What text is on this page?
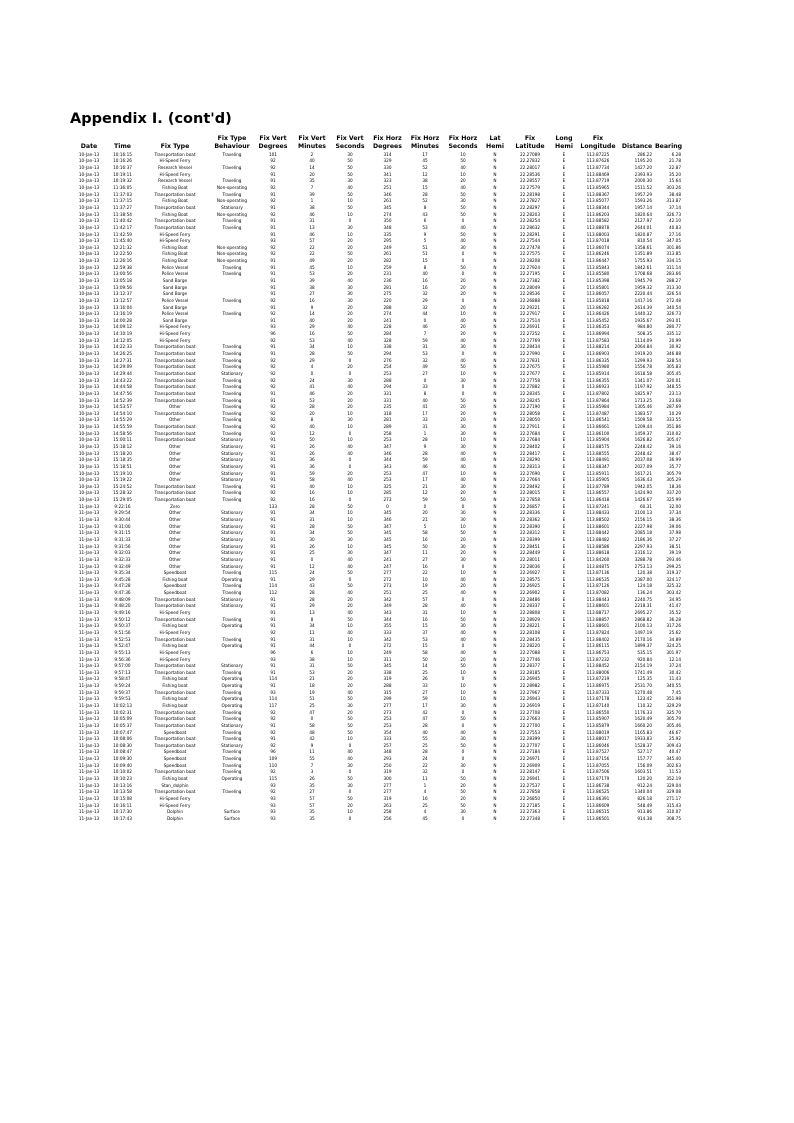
Appendix I. (cont'd)
			Fix Type	Fix Vert	Fix Vert	Fix Vert	Fix Horz	Fix Horz	Fix Horz	Lat	Fix	Long	Fix		
Date	Time	Fix Type	Behaviour	Degrees	Minutes	Seconds	Degrees	Minutes	Seconds	Hemi	Latitude	Hemi	Longitude	Distance	Bearing
10-Jan-13	10:16:15	Transportation boat	Traveling	101	2	30	314	17	10	N	22.27089	E	113.87225	286.22	6.28
10-Jan-13	10:16:26	Hi-Speed Ferry		92	40	50	329	45	50	N	22.27832	E	113.87626	1195.20	21.78
10-Jan-13	10:16:37	Research Vessel	Traveling	92	14	50	330	52	40	N	22.28017	E	113.87734	1427.20	22.87
10-Jan-13	10:19:11	Hi-Speed Ferry		91	20	50	341	12	10	N	22.28536	E	113.88469	2393.93	35.20
10-Jan-13	10:19:32	Research Vessel	Traveling	91	35	30	323	38	20	N	22.28557	E	113.87719	2000.30	15.64
10-Jan-13	11:36:05	Fishing Boat	Non-operating	92	7	40	251	15	40	N	22.27579	E	113.85965	1511.52	303.26
10-Jan-13	11:37:03	Transportation boat	Traveling	91	39	50	346	28	50	N	22.28198	E	113.88367	1957.29	38.48
10-Jan-13	11:37:15	Fishing Boat	Non-operating	92	1	10	261	52	30	N	22.27827	E	113.85077	1593.26	313.87
10-Jan-13	11:37:27	Transportation boat	Stationary	91	38	50	345	8	50	N	22.28297	E	113.88344	1957.14	37.14
10-Jan-13	11:38:54	Fishing Boat	Non-operating	92	46	10	274	43	50	N	22.28203	E	113.86203	1820.64	326.73
10-Jan-13	11:40:42	Transportation boat	Traveling	91	31	0	350	6	0	N	22.28254	E	113.88582	2127.97	42.10
10-Jan-13	11:42:17	Transportation boat	Traveling	91	13	30	348	53	40	N	22.28632	E	113.88878	2644.01	40.83
10-Jan-13	11:42:59	Hi-Speed Ferry		91	46	10	335	9	50	N	22.28291	E	113.88003	1820.87	27.16
10-Jan-13	11:45:40	Hi-Speed Ferry		93	57	20	295	5	40	N	22.27544	E	113.87018	810.54	347.05
10-Jan-13	12:21:32	Fishing Boat	Non-operating	92	22	20	249	51	30	N	22.27478	E	113.86074	1358.61	301.86
10-Jan-13	12:22:50	Fishing Boat	Non-operating	92	22	50	261	51	0	N	22.27575	E	113.86246	1351.89	313.85
10-Jan-13	12:26:16	Fishing Boat	Non-operating	91	49	20	282	15	0	N	22.28208	E	113.86447	1755.93	334.15
10-Jan-13	12:59:38	Police Vessel	Traveling	91	45	10	259	8	50	N	22.27924	E	113.85843	1842.61	311.14
10-Jan-13	13:00:56	Police Vessel	Traveling	91	53	20	231	40	0	N	22.27195	E	113.85580	1708.68	283.66
10-Jan-13	13:05:18	Sand Barge		91	39	40	236	16	20	N	22.27382	E	113.85398	1945.79	288.27
10-Jan-13	13:09:56	Sand Barge		91	38	30	281	16	20	N	22.28049	E	113.85801	1959.32	313.30
10-Jan-13	13:12:37	Sand Barge		91	27	30	275	32	20	N	22.28536	E	113.86057	2220.44	326.54
10-Jan-13	13:12:57	Police Vessel	Traveling	92	16	30	220	29	0	N	22.26888	E	113.85818	1417.16	272.48
10-Jan-13	13:16:04	Sand Barge		91	9	20	288	32	20	N	22.29221	E	113.86282	2614.39	340.54
10-Jan-13	13:16:19	Police Vessel	Traveling	92	14	20	274	44	10	N	22.27917	E	113.86426	1440.32	326.73
10-Jan-13	14:00:28	Sand Barge		91	40	20	241	0	40	N	22.27514	E	113.85452	1935.67	293.01
10-Jan-13	14:09:12	Hi-Speed Ferry		93	29	40	228	46	20	N	22.26931	E	113.86353	984.80	280.77
10-Jan-13	14:10:19	Hi-Speed Ferry		96	16	50	284	7	20	N	22.27252	E	113.86994	508.35	335.12
10-Jan-13	14:12:05	Hi-Speed Ferry		92	53	40	328	59	40	N	22.27769	E	113.87583	1114.09	20.99
10-Jan-13	14:22:33	Transportation boat	Traveling	91	34	10	338	31	30	N	22.28434	E	113.88214	2064.84	30.92
10-Jan-13	14:26:25	Transportation boat	Traveling	91	28	50	294	53	0	N	22.27990	E	113.86903	1919.20	346.88
10-Jan-13	14:27:31	Transportation boat	Traveling	92	29	0	276	32	40	N	22.27831	E	113.86335	1299.93	328.54
10-Jan-13	14:29:09	Transportation boat	Traveling	92	4	20	254	49	50	N	22.27675	E	113.85980	1556.78	305.83
10-Jan-13	14:29:44	Transportation boat	Stationary	92	0	0	253	27	10	N	22.27677	E	113.85914	1618.58	305.45
10-Jan-13	14:43:22	Transportation boat	Traveling	92	24	30	288	0	30	N	22.27758	E	113.86355	1341.07	320.01
10-Jan-13	14:44:58	Transportation boat	Traveling	92	41	40	294	33	0	N	22.27882	E	113.86923	1197.92	348.55
10-Jan-13	14:47:56	Transportation boat	Traveling	91	46	20	331	8	0	N	22.28345	E	113.87802	1825.97	23.13
10-Jan-13	14:52:39	Transportation boat	Traveling	91	53	20	331	40	50	N	22.28245	E	113.87864	1713.25	23.68
10-Jan-13	14:53:57	Other	Traveling	92	28	20	235	41	20	N	22.27190	E	113.85984	1305.46	287.69
10-Jan-13	14:54:10	Transportation boat	Traveling	92	20	10	318	17	20	N	22.28058	E	113.87487	1383.57	10.29
10-Jan-13	14:55:29	Other	Traveling	92	8	30	281	33	20	N	22.28050	E	113.86541	1509.58	333.55
10-Jan-13	14:55:59	Transportation boat	Traveling	92	40	10	289	31	30	N	22.27911	E	113.86661	1209.44	351.86
10-Jan-13	14:58:56	Transportation boat	Traveling	92	12	0	258	1	30	N	22.27684	E	113.86100	1459.37	310.02
10-Jan-13	15:00:11	Transportation boat	Stationary	91	50	10	253	28	10	N	22.27684	E	113.85904	1626.82	305.47
10-Jan-13	15:18:12	Other	Stationary	91	26	40	347	9	30	N	22.28402	E	113.88575	2248.42	39.16
10-Jan-13	15:18:20	Other	Stationary	91	26	40	346	28	40	N	22.28417	E	113.88555	2248.42	38.47
10-Jan-13	15:18:35	Other	Stationary	91	36	0	344	59	40	N	22.28290	E	113.88491	2037.08	36.99
10-Jan-13	15:18:51	Other	Stationary	91	36	0	343	46	40	N	22.28313	E	113.88347	2027.09	35.77
10-Jan-13	15:19:10	Other	Stationary	91	59	20	253	47	10	N	22.27690	E	113.85911	1617.21	305.79
10-Jan-13	15:19:22	Other	Stationary	91	58	40	253	17	40	N	22.27664	E	113.85905	1636.43	305.29
10-Jan-13	15:24:52	Transportation boat	Traveling	91	40	10	325	21	30	N	22.28492	E	113.87789	1942.05	18.36
10-Jan-13	15:28:32	Transportation boat	Traveling	92	16	10	285	12	20	N	22.28015	E	113.86557	1424.90	337.20
10-Jan-13	15:29:05	Transportation boat	Traveling	92	16	0	273	59	50	N	22.27858	E	113.86418	1426.67	325.99
11-Jan-13	9:22:16	Zero		133	28	50	0	0	0	N	22.26857	E	113.87241	60.31	32.00
11-Jan-13	9:29:54	Other	Stationary	91	34	10	345	20	30	N	22.28336	E	113.88433	2100.13	37.34
11-Jan-13	9:30:44	Other	Stationary	91	31	10	346	21	30	N	22.28362	E	113.88502	2156.15	38.36
11-Jan-13	9:31:00	Other	Stationary	91	28	50	347	5	10	N	22.28390	E	113.88601	2227.98	39.06
11-Jan-13	9:31:15	Other	Stationary	91	34	50	345	58	50	N	22.28312	E	113.88442	2085.18	37.98
11-Jan-13	9:31:33	Other	Stationary	91	30	30	345	16	20	N	22.28399	E	113.88482	2186.36	37.27
11-Jan-13	9:31:56	Other	Stationary	91	26	10	345	50	30	N	22.28451	E	113.88586	2297.93	38.51
11-Jan-13	9:32:03	Other	Stationary	91	25	30	347	11	20	N	22.28449	E	113.88618	2316.12	39.19
11-Jan-13	9:32:33	Other	Stationary	91	0	40	241	27	30	N	22.28011	E	113.84260	3288.78	293.46
11-Jan-13	9:32:49	Other	Stationary	91	12	40	247	16	0	N	22.28036	E	113.84875	2753.13	299.25
11-Jan-13	9:35:34	Speedboat	Traveling	115	24	50	277	22	10	N	22.26927	E	113.87136	120.38	319.37
11-Jan-13	9:45:28	Fishing boat	Operating	91	29	0	272	10	40	N	22.28575	E	113.86535	2387.00	324.17
11-Jan-13	9:47:28	Speedboat	Traveling	114	43	50	273	19	20	N	22.26925	E	113.87126	124.18	325.32
11-Jan-13	9:47:36	Speedboat	Traveling	112	28	40	251	25	40	N	22.26902	E	113.87082	136.24	303.42
11-Jan-13	9:48:09	Transportation boat	Stationary	91	28	20	342	57	0	N	22.28486	E	113.88443	2240.75	34.95
11-Jan-13	9:48:20	Transportation boat	Stationary	91	29	20	349	28	40	N	22.28337	E	113.88601	2218.31	41.47
11-Jan-13	9:49:16	Hi-Speed Ferry		91	13	40	343	31	10	N	22.28808	E	113.88717	2695.27	35.52
11-Jan-13	9:50:12	Transportation boat	Traveling	91	8	50	344	16	50	N	22.28929	E	113.88857	2868.82	36.28
11-Jan-13	9:50:37	Fishing boat	Operating	91	34	10	355	15	30	N	22.28221	E	113.88601	2100.13	317.26
11-Jan-13	9:51:56	Hi-Speed Ferry		92	11	40	333	37	40	N	22.28108	E	113.87824	1497.19	25.62
11-Jan-13	9:52:53	Transportation boat	Traveling	91	31	10	342	53	40	N	22.28435	E	113.88402	2170.16	34.89
11-Jan-13	9:52:47	Fishing boat	Operating	91	44	0	272	15	0	N	22.28220	E	113.86115	1899.37	324.25
11-Jan-13	9:55:13	Hi-Speed Ferry		96	6	10	249	58	40	N	22.27088	E	113.86753	535.15	301.97
11-Jan-13	9:56:36	Hi-Speed Ferry		93	38	10	311	50	20	N	22.27746	E	113.87232	920.84	12.14
11-Jan-13	9:57:00	Transportation boat	Stationary	91	31	50	345	14	50	N	22.28377	E	113.88452	2154.19	37.24
11-Jan-13	9:57:13	Transportation boat	Traveling	91	53	20	338	25	10	N	22.28185	E	113.88006	1741.49	30.42
11-Jan-13	9:58:47	Fishing boat	Operating	114	21	20	319	26	0	N	22.26945	E	113.87219	125.35	11.43
11-Jan-13	9:59:24	Fishing boat	Operating	91	18	20	288	33	10	N	22.28982	E	113.86975	2531.70	340.55
11-Jan-13	9:59:37	Transportation boat	Traveling	93	19	40	315	27	10	N	22.27967	E	113.87333	1270.48	7.45
11-Jan-13	9:59:53	Fishing boat	Operating	114	51	50	299	59	10	N	22.26943	E	113.87178	123.42	351.98
11-Jan-13	10:02:13	Fishing boat	Operating	117	25	30	277	17	30	N	22.26919	E	113.87140	110.32	329.29
11-Jan-13	10:02:31	Transportation boat	Traveling	92	47	20	273	42	0	N	22.27708	E	113.86550	1176.33	325.70
11-Jan-13	10:05:09	Transportation boat	Traveling	92	0	50	253	47	50	N	22.27663	E	113.85907	1620.49	305.79
11-Jan-13	10:05:37	Transportation boat	Stationary	91	58	50	253	28	0	N	22.27700	E	113.85879	1660.20	305.46
11-Jan-13	10:07:47	Speedboat	Traveling	92	48	50	354	40	40	N	22.27553	E	113.88019	1165.83	46.67
11-Jan-13	10:08:06	Transportation boat	Traveling	91	42	10	333	55	30	N	22.28399	E	113.88017	1933.83	25.92
11-Jan-13	10:08:30	Transportation boat	Stationary	92	9	0	257	25	50	N	22.27707	E	113.86046	1528.37	309.43
11-Jan-13	10:08:47	Speedboat	Traveling	96	11	40	348	28	0	N	22.27184	E	113.87527	527.17	40.47
11-Jan-13	10:09:30	Speedboat	Traveling	109	55	40	293	24	0	N	22.26971	E	113.87156	157.77	345.40
11-Jan-13	10:09:40	Speedboat	Traveling	110	7	30	250	22	30	N	22.26909	E	113.87055	156.09	302.63
11-Jan-13	10:10:02	Transportation boat	Traveling	92	3	0	319	32	0	N	22.28147	E	113.87506	1603.51	11.53
11-Jan-13	10:10:23	Fishing boat	Operating	115	26	50	300	11	50	N	22.26941	E	113.87179	120.20	352.19
11-Jan-13	10:13:16	Stan_dolphin		93	35	30	277	1	20	N	22.27537	E	113.86738	912.24	329.04
11-Jan-13	10:13:58	Transportation boat	Traveling	92	27	0	277	4	50	N	22.27858	E	113.86525	1340.04	329.08
11-Jan-13	10:15:08	Hi-Speed Ferry		93	57	50	319	16	20	N	22.26850	E	113.86391	826.18	271.17
11-Jan-13	10:16:11	Hi-Speed Ferry		93	57	20	263	25	50	N	22.27185	E	113.86609	548.49	315.43
11-Jan-13	10:17:30	Dolphin	Surface	93	35	10	258	4	30	N	22.27363	E	113.86515	913.86	310.07
11-Jan-13	10:17:43	Dolphin	Surface	93	35	0	256	45	0	N	22.27348	E	113.86501	914.38	308.75
